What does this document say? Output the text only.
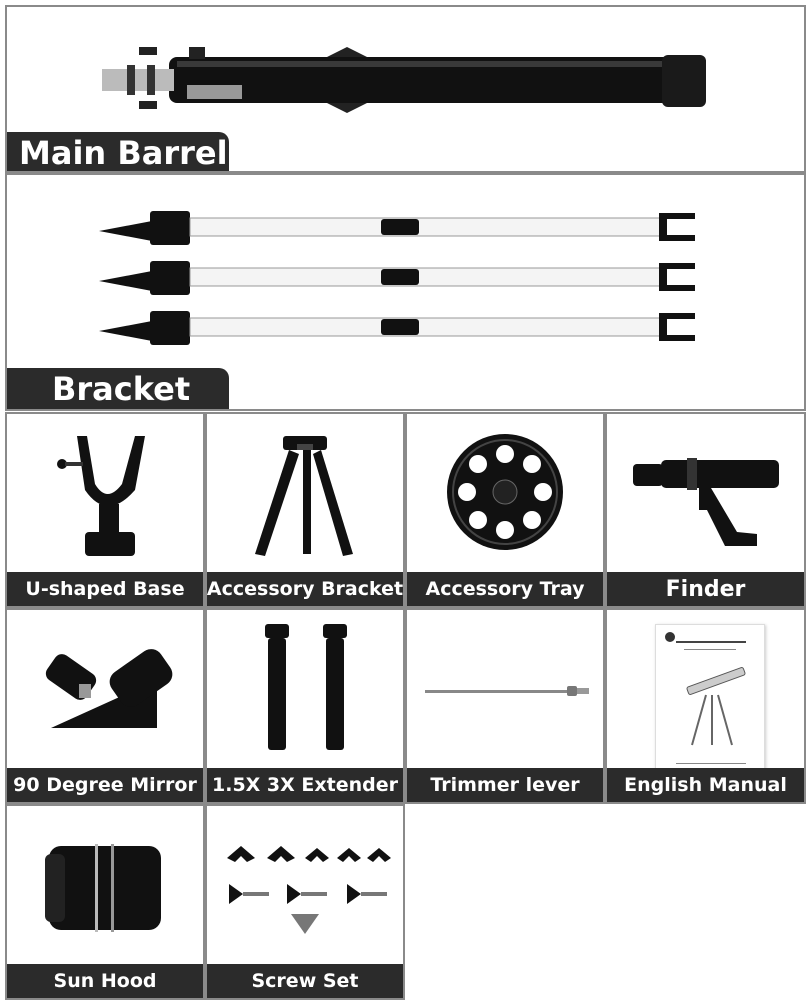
Main Barrel
Bracket
U-shaped Base	Accessory Bracket	Accessory Tray	Finder
90 Degree Mirror 1.5X 3X Extender	Trimmer lever	English Manual
Sun Hood	Screw Set
